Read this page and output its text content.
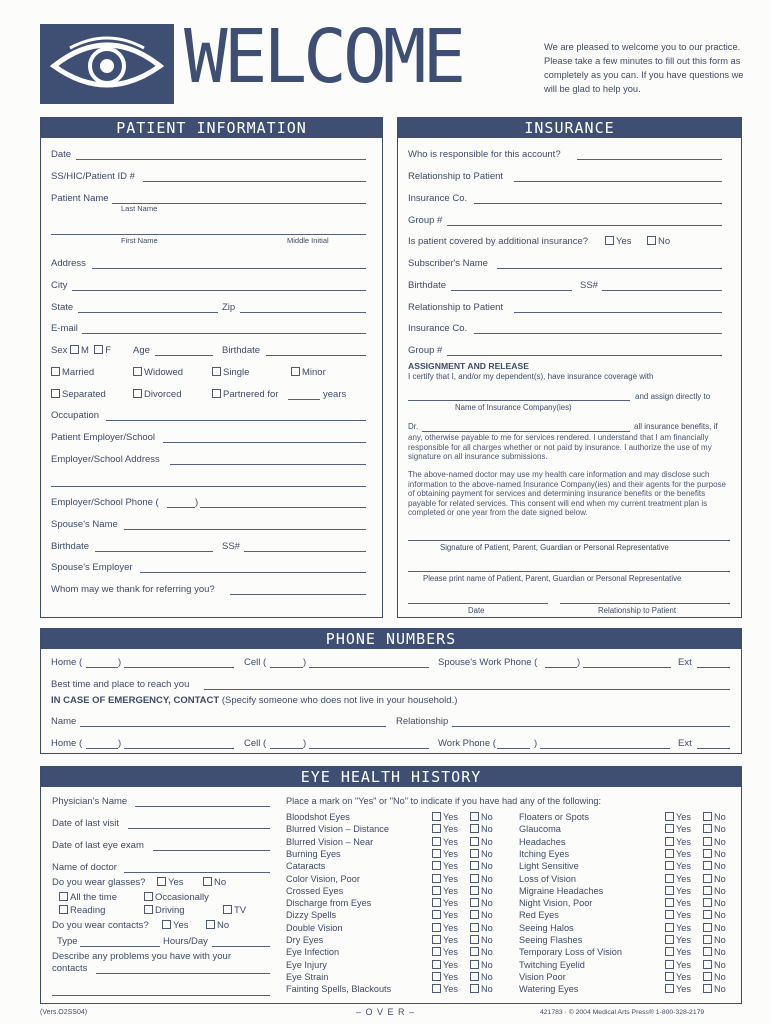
WELCOME	We are pleased to welcome you to our practice. Please take a few minutes to fill out this form as completely as you can. If you have questions we will be glad to help you.
PATIENT INFORMATION
Date
SS/HIC/Patient ID #
Patient Name
Last Name
First Name	Middle Initial
Address
City
State	Zip
E-mail
Sex M F Age	Birthdate
Married	Widowed	Single	Minor
Separated	Divorced	Partnered for	years
Occupation
Patient Employer/School
Employer/School Address
Employer/School Phone (	)
Spouse's Name
Birthdate	SS#
Spouse's Employer
Whom may we thank for referring you?
INSURANCE
Who is responsible for this account?
Relationship to Patient
Insurance Co.
Group #
Is patient covered by additional insurance?	Yes	No
Subscriber's Name
Birthdate	SS#
Relationship to Patient
Insurance Co.
Group #
ASSIGNMENT AND RELEASE
I certify that I, and/or my dependent(s), have insurance coverage with
and assign directly to
Name of Insurance Company(ies)
Dr.	all insurance benefits, if
any, otherwise payable to me for services rendered. I understand that I am financially responsible for all charges whether or not paid by insurance. I authorize the use of my signature on all insurance submissions.
The above-named doctor may use my health care information and may disclose such information to the above-named Insurance Company(ies) and their agents for the purpose of obtaining payment for services and determining insurance benefits or the benefits payable for related services. This consent will end when my current treatment plan is completed or one year from the date signed below.
Signature of Patient, Parent, Guardian or Personal Representative
Please print name of Patient, Parent, Guardian or Personal Representative
Date	Relationship to Patient
PHONE NUMBERS
Home (	)	Cell (	)	Spouse's Work Phone (	)	Ext
Best time and place to reach you
IN CASE OF EMERGENCY, CONTACT (Specify someone who does not live in your household.)
Name	Relationship
Home (	)	Cell (	)	Work Phone (	)	Ext
EYE HEALTH HISTORY
Physician's Name
Date of last visit
Date of last eye exam
Name of doctor
Do you wear glasses?	Yes	No
All the time	Occasionally
Reading	Driving	TV
Do you wear contacts?	Yes	No
Type	Hours/Day
Describe any problems you have with your contacts
Place a mark on "Yes" or "No" to indicate if you have had any of the following:
Bloodshot Eyes	Yes	No
Blurred Vision – Distance	Yes	No
Blurred Vision – Near	Yes	No
Burning Eyes	Yes	No
Cataracts	Yes	No
Color Vision, Poor	Yes	No
Crossed Eyes	Yes	No
Discharge from Eyes	Yes	No
Dizzy Spells	Yes	No
Double Vision	Yes	No
Dry Eyes	Yes	No
Eye Infection	Yes	No
Eye Injury	Yes	No
Eye Strain	Yes	No
Fainting Spells, Blackouts	Yes	No
Floaters or Spots	Yes	No
Glaucoma	Yes	No
Headaches	Yes	No
Itching Eyes	Yes	No
Light Sensitive	Yes	No
Loss of Vision	Yes	No
Migraine Headaches	Yes	No
Night Vision, Poor	Yes	No
Red Eyes	Yes	No
Seeing Halos	Yes	No
Seeing Flashes	Yes	No
Temporary Loss of Vision	Yes	No
Twitching Eyelid	Yes	No
Vision Poor	Yes	No
Watering Eyes	Yes	No
(Vers.O2SS04)	– O V E R –	421783 · © 2004 Medical Arts Press® 1-800-328-2179
